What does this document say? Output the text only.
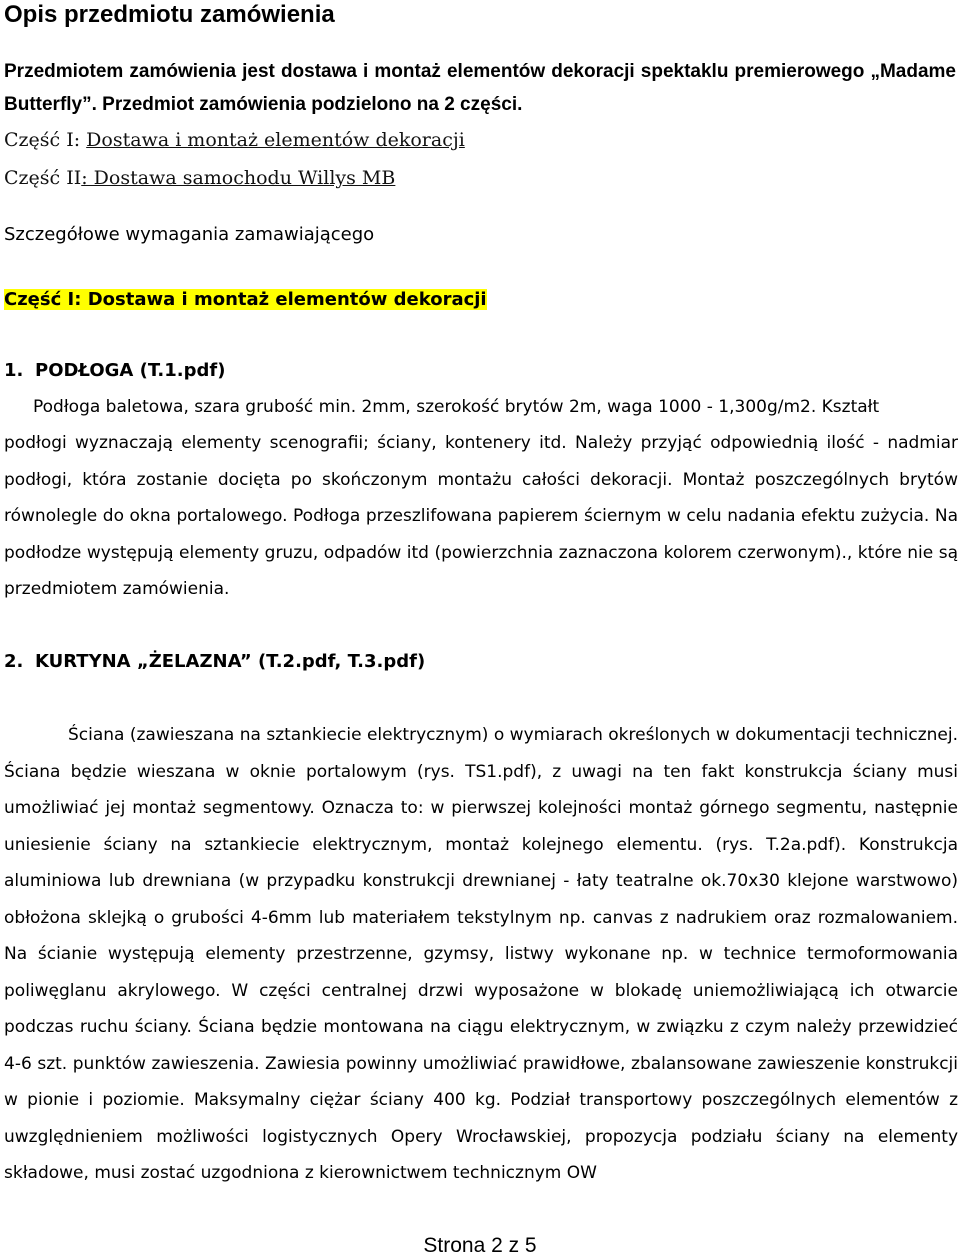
Opis przedmiotu zamówienia

Przedmiotem zamówienia jest dostawa i montaż elementów dekoracji spektaklu premierowego „Madame Butterfly”. Przedmiot zamówienia podzielono na 2 części.

Część I: Dostawa i montaż elementów dekoracji

Część II: Dostawa samochodu Willys MB

Szczegółowe wymagania zamawiającego

Część I: Dostawa i montaż elementów dekoracji

1. PODŁOGA (T.1.pdf)

Podłoga baletowa, szara grubość min. 2mm, szerokość brytów 2m, waga 1000 - 1,300g/m2. Kształt

podłogi wyznaczają elementy scenografii; ściany, kontenery itd. Należy przyjąć odpowiednią ilość - nadmiar podłogi, która zostanie docięta po skończonym montażu całości dekoracji. Montaż poszczególnych brytów równolegle do okna portalowego. Podłoga przeszlifowana papierem ściernym w celu nadania efektu zużycia. Na podłodze występują elementy gruzu, odpadów itd (powierzchnia zaznaczona kolorem czerwonym)., które nie są przedmiotem zamówienia.

2. KURTYNA „ŻELAZNA” (T.2.pdf, T.3.pdf)

Ściana (zawieszana na sztankiecie elektrycznym) o wymiarach określonych w dokumentacji technicznej. Ściana będzie wieszana w oknie portalowym (rys. TS1.pdf), z uwagi na ten fakt konstrukcja ściany musi umożliwiać jej montaż segmentowy. Oznacza to: w pierwszej kolejności montaż górnego segmentu, następnie uniesienie ściany na sztankiecie elektrycznym, montaż kolejnego elementu. (rys. T.2a.pdf). Konstrukcja aluminiowa lub drewniana (w przypadku konstrukcji drewnianej - łaty teatralne ok.70x30 klejone warstwowo) obłożona sklejką o grubości 4-6mm lub materiałem tekstylnym np. canvas z nadrukiem oraz rozmalowaniem. Na ścianie występują elementy przestrzenne, gzymsy, listwy wykonane np. w technice termoformowania poliwęglanu akrylowego. W części centralnej drzwi wyposażone w blokadę uniemożliwiającą ich otwarcie podczas ruchu ściany. Ściana będzie montowana na ciągu elektrycznym, w związku z czym należy przewidzieć 4-6 szt. punktów zawieszenia. Zawiesia powinny umożliwiać prawidłowe, zbalansowane zawieszenie konstrukcji w pionie i poziomie. Maksymalny ciężar ściany 400 kg. Podział transportowy poszczególnych elementów z uwzględnieniem możliwości logistycznych Opery Wrocławskiej, propozycja podziału ściany na elementy składowe, musi zostać uzgodniona z kierownictwem technicznym OW

Strona 2 z 5
